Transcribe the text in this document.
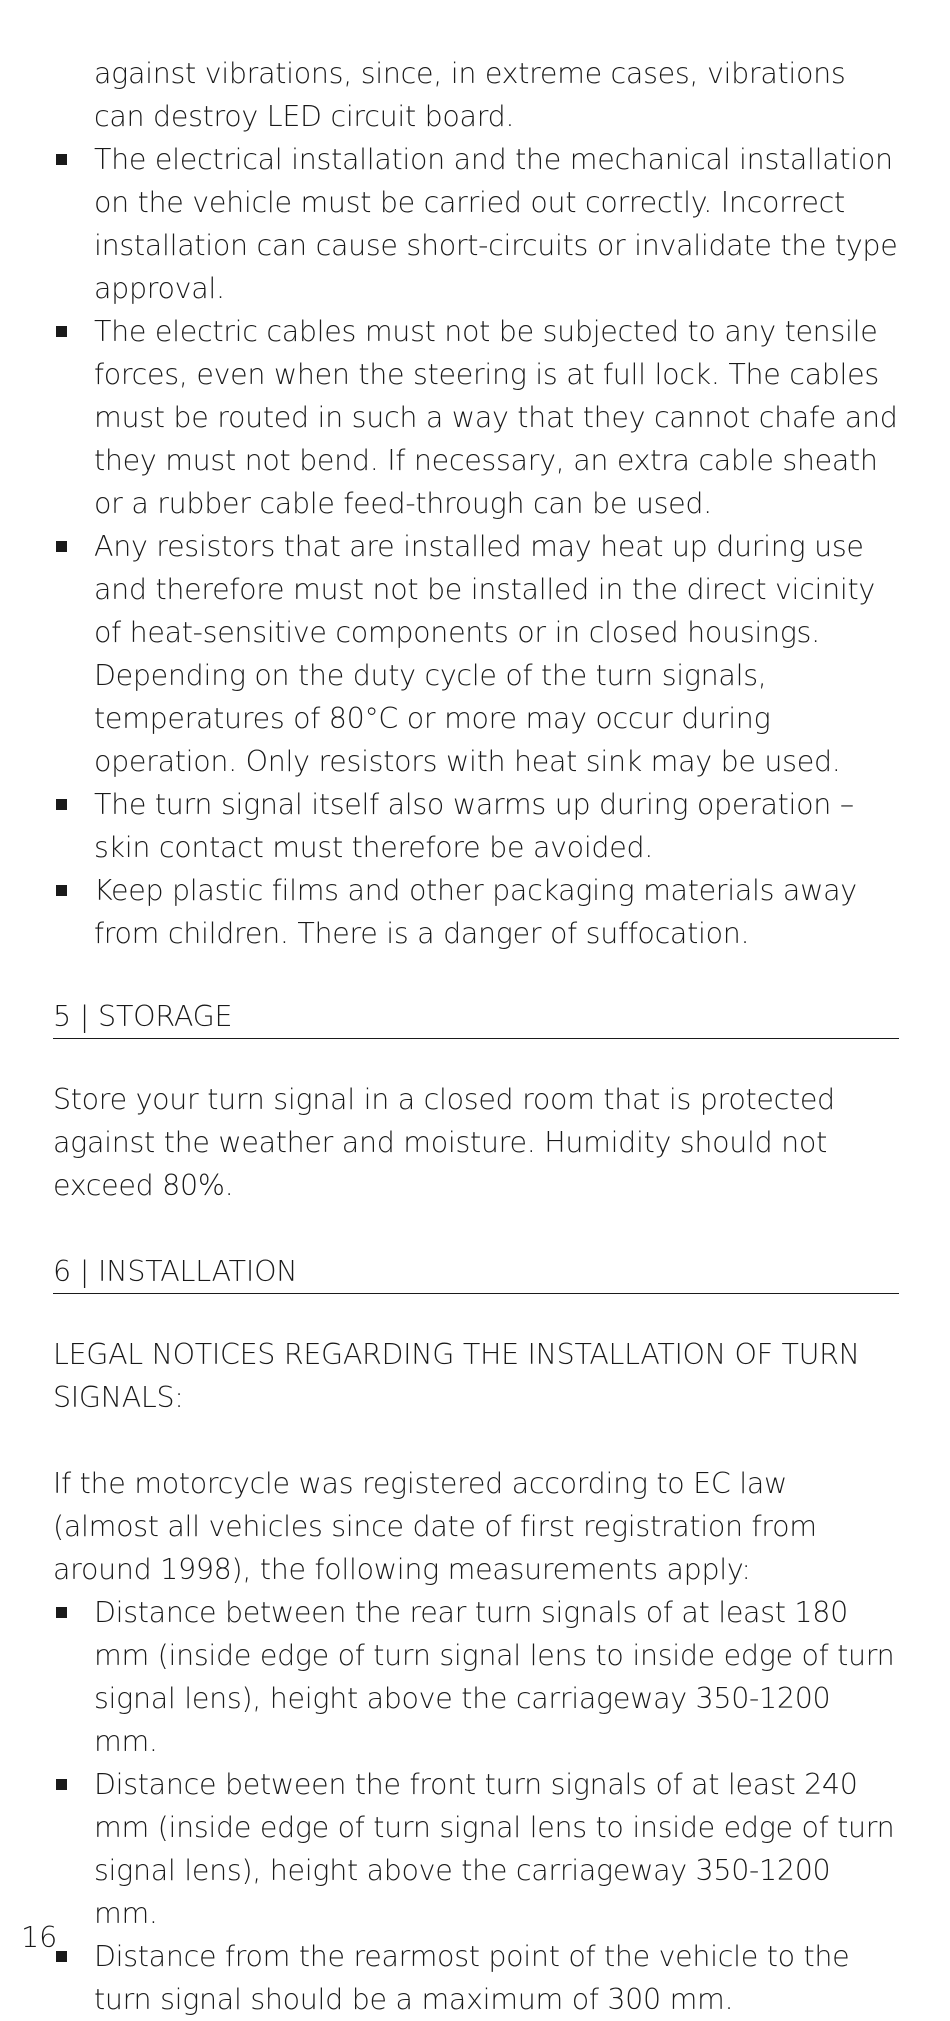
against vibrations, since, in extreme cases, vibrations can destroy LED circuit board.
The electrical installation and the mechanical installation on the vehicle must be carried out correctly. Incorrect installation can cause short-circuits or invalidate the type approval.
The electric cables must not be subjected to any tensile forces, even when the steering is at full lock. The cables must be routed in such a way that they cannot chafe and they must not bend. If necessary, an extra cable sheath or a rubber cable feed-through can be used.
Any resistors that are installed may heat up during use and therefore must not be installed in the direct vicinity of heat-sensitive components or in closed housings. Depending on the duty cycle of the turn signals, temperatures of 80°C or more may occur during operation. Only resistors with heat sink may be used.
The turn signal itself also warms up during operation – skin contact must therefore be avoided.
Keep plastic films and other packaging materials away from children. There is a danger of suffocation.
5 | STORAGE
Store your turn signal in a closed room that is protected against the weather and moisture. Humidity should not exceed 80%.
6 | INSTALLATION
LEGAL NOTICES REGARDING THE INSTALLATION OF TURN SIGNALS:
If the motorcycle was registered according to EC law (almost all vehicles since date of first registration from around 1998), the following measurements apply:
Distance between the rear turn signals of at least 180 mm (inside edge of turn signal lens to inside edge of turn signal lens), height above the carriageway 350-1200 mm.
Distance between the front turn signals of at least 240 mm (inside edge of turn signal lens to inside edge of turn signal lens), height above the carriageway 350-1200 mm.
Distance from the rearmost point of the vehicle to the turn signal should be a maximum of 300 mm.
16
